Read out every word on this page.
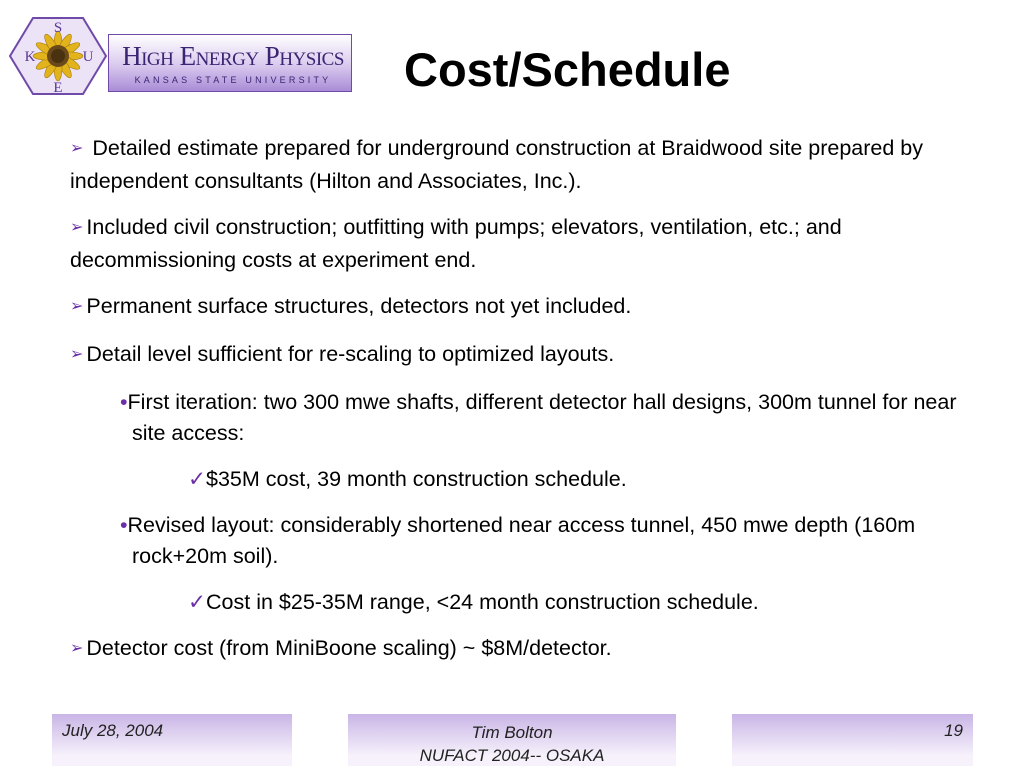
K
S
U
E
High Energy Physics
KANSAS STATE UNIVERSITY	Cost/Schedule
➢ Detailed estimate prepared for underground construction at Braidwood site prepared by independent consultants (Hilton and Associates, Inc.).
➢ Included civil construction; outfitting with pumps; elevators, ventilation, etc.; and decommissioning costs at experiment end.
➢ Permanent surface structures, detectors not yet included.
➢ Detail level sufficient for re-scaling to optimized layouts.
•First iteration: two 300 mwe shafts, different detector hall designs, 300m tunnel for near site access:
✓$35M cost, 39 month construction schedule.
•Revised layout: considerably shortened near access tunnel, 450 mwe depth (160m rock+20m soil).
✓Cost in $25-35M range, <24 month construction schedule.
➢ Detector cost (from MiniBoone scaling) ~ $8M/detector.
July 28, 2004	Tim Bolton
NUFACT 2004-- OSAKA
19
